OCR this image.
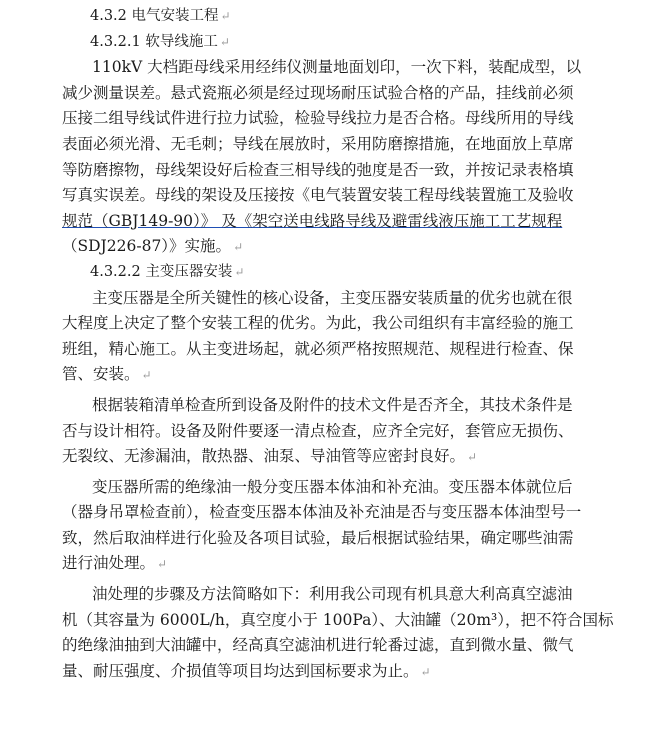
4.3.2 电气安装工程 ↵
4.3.2.1 软导线施工 ↵
110kV 大档距母线采用经纬仪测量地面划印，一次下料，装配成型，以
减少测量误差。悬式瓷瓶必须是经过现场耐压试验合格的产品，挂线前必须
压接二组导线试件进行拉力试验，检验导线拉力是否合格。母线所用的导线
表面必须光滑、无毛刺；导线在展放时，采用防磨擦措施，在地面放上草席
等防磨擦物，母线架设好后检查三相导线的弛度是否一致，并按记录表格填
写真实误差。母线的架设及压接按《电气装置安装工程母线装置施工及验收
规范（GBJ149-90）》 及《架空送电线路导线及避雷线液压施工工艺规程
（SDJ226-87）》实施。 ↵
4.3.2.2 主变压器安装 ↵
主变压器是全所关键性的核心设备，主变压器安装质量的优劣也就在很
大程度上决定了整个安装工程的优劣。为此，我公司组织有丰富经验的施工
班组，精心施工。从主变进场起，就必须严格按照规范、规程进行检查、保
管、安装。 ↵
根据装箱清单检查所到设备及附件的技术文件是否齐全，其技术条件是
否与设计相符。设备及附件要逐一清点检查，应齐全完好，套管应无损伤、
无裂纹、无渗漏油，散热器、油泵、导油管等应密封良好。 ↵
变压器所需的绝缘油一般分变压器本体油和补充油。变压器本体就位后
（器身吊罩检查前），检查变压器本体油及补充油是否与变压器本体油型号一
致，然后取油样进行化验及各项目试验，最后根据试验结果，确定哪些油需
进行油处理。 ↵
油处理的步骤及方法简略如下：利用我公司现有机具意大利高真空滤油
机（其容量为 6000L/h，真空度小于 100Pa）、大油罐（20m³），把不符合国标
的绝缘油抽到大油罐中，经高真空滤油机进行轮番过滤，直到微水量、微气
量、耐压强度、介损值等项目均达到国标要求为止。 ↵
